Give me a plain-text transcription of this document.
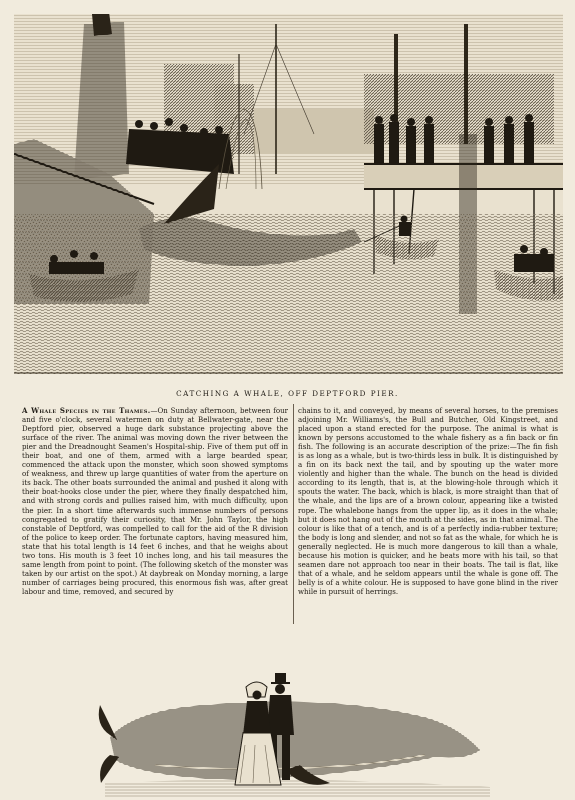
CATCHING A WHALE, OFF DEPTFORD PIER.
A Whale Species in the Thames.—On Sunday afternoon, between four and five o'clock, several watermen on duty at Bellwater-gate, near the Deptford pier, observed a huge dark substance projecting above the surface of the river. The animal was moving down the river between the pier and the Dreadnought Seamen's Hospital-ship. Five of them put off in their boat, and one of them, armed with a large bearded spear, commenced the attack upon the monster, which soon showed symptoms of weakness, and threw up large quantities of water from the aperture on its back. The other boats surrounded the animal and pushed it along with their boat-hooks close under the pier, where they finally despatched him, and with strong cords and pullies raised him, with much difficulty, upon the pier. In a short time afterwards such immense numbers of persons congregated to gratify their curiosity, that Mr. John Taylor, the high constable of Deptford, was compelled to call for the aid of the R division of the police to keep order. The fortunate captors, having measured him, state that his total length is 14 feet 6 inches, and that he weighs about two tons. His mouth is 3 feet 10 inches long, and his tail measures the same length from point to point. (The following sketch of the monster was taken by our artist on the spot.) At daybreak on Monday morning, a large number of carriages being procured, this enormous fish was, after great labour and time, removed, and secured by
chains to it, and conveyed, by means of several horses, to the premises adjoining Mr. Williams's, the Bull and Butcher, Old Kingstreet, and placed upon a stand erected for the purpose. The animal is what is known by persons accustomed to the whale fishery as a fin back or fin fish. The following is an accurate description of the prize:—The fin fish is as long as a whale, but is two-thirds less in bulk. It is distinguished by a fin on its back next the tail, and by spouting up the water more violently and higher than the whale. The bunch on the head is divided according to its length, that is, at the blowing-hole through which it spouts the water. The back, which is black, is more straight than that of the whale, and the lips are of a brown colour, appearing like a twisted rope. The whalebone hangs from the upper lip, as it does in the whale; but it does not hang out of the mouth at the sides, as in that animal. The colour is like that of a tench, and is of a perfectly india-rubber texture; the body is long and slender, and not so fat as the whale, for which he is generally neglected. He is much more dangerous to kill than a whale, because his motion is quicker, and he beats more with his tail, so that seamen dare not approach too near in their boats. The tail is flat, like that of a whale, and he seldom appears until the whale is gone off. The belly is of a white colour. He is supposed to have gone blind in the river while in pursuit of herrings.
